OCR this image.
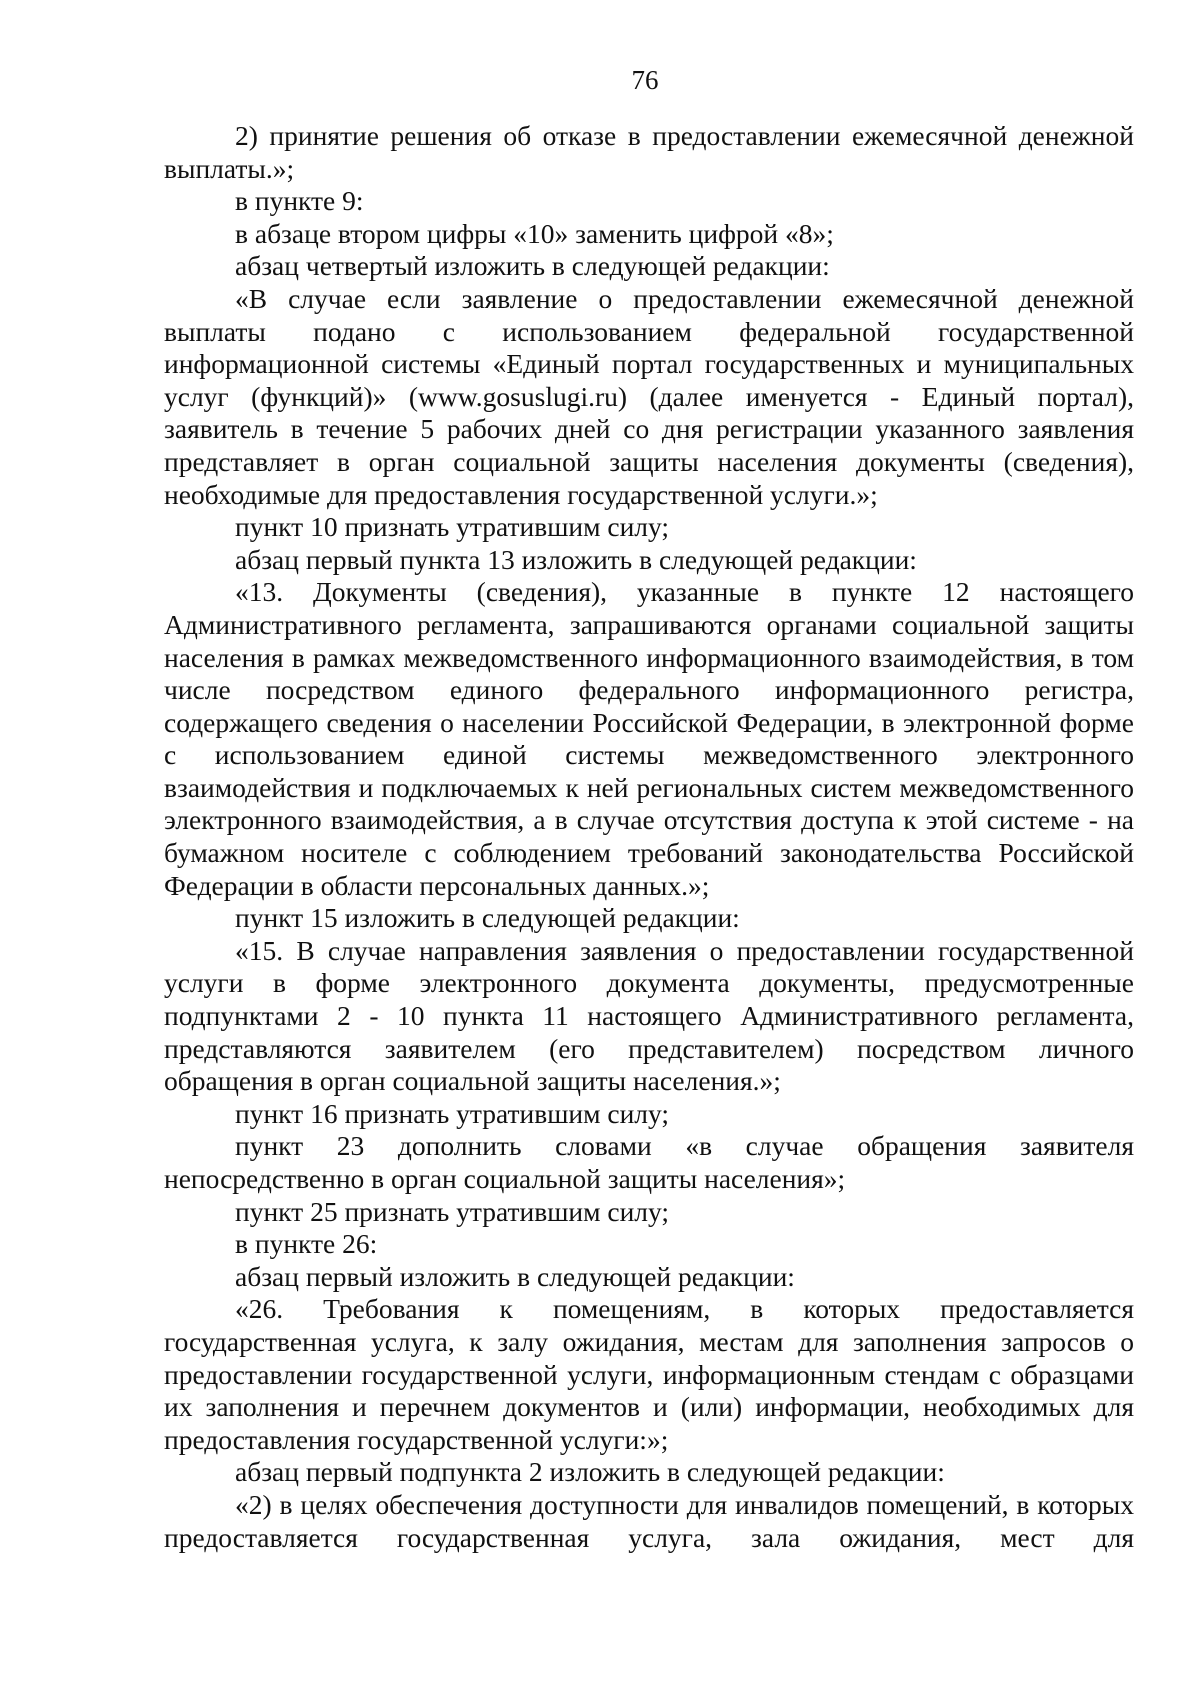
76

2) принятие решения об отказе в предоставлении ежемесячной денежной выплаты.»;

в пункте 9:

в абзаце втором цифры «10» заменить цифрой «8»;

абзац четвертый изложить в следующей редакции:

«В случае если заявление о предоставлении ежемесячной денежной выплаты подано с использованием федеральной государственной информационной системы «Единый портал государственных и муниципальных услуг (функций)» (www.gosuslugi.ru) (далее именуется - Единый портал), заявитель в течение 5 рабочих дней со дня регистрации указанного заявления представляет в орган социальной защиты населения документы (сведения), необходимые для предоставления государственной услуги.»;

пункт 10 признать утратившим силу;

абзац первый пункта 13 изложить в следующей редакции:

«13. Документы (сведения), указанные в пункте 12 настоящего Административного регламента, запрашиваются органами социальной защиты населения в рамках межведомственного информационного взаимодействия, в том числе посредством единого федерального информационного регистра, содержащего сведения о населении Российской Федерации, в электронной форме с использованием единой системы межведомственного электронного взаимодействия и подключаемых к ней региональных систем межведомственного электронного взаимодействия, а в случае отсутствия доступа к этой системе - на бумажном носителе с соблюдением требований законодательства Российской Федерации в области персональных данных.»;

пункт 15 изложить в следующей редакции:

«15. В случае направления заявления о предоставлении государственной услуги в форме электронного документа документы, предусмотренные подпунктами 2 - 10 пункта 11 настоящего Административного регламента, представляются заявителем (его представителем) посредством личного обращения в орган социальной защиты населения.»;

пункт 16 признать утратившим силу;

пункт 23 дополнить словами «в случае обращения заявителя непосредственно в орган социальной защиты населения»;

пункт 25 признать утратившим силу;

в пункте 26:

абзац первый изложить в следующей редакции:

«26. Требования к помещениям, в которых предоставляется государственная услуга, к залу ожидания, местам для заполнения запросов о предоставлении государственной услуги, информационным стендам с образцами их заполнения и перечнем документов и (или) информации, необходимых для предоставления государственной услуги:»;

абзац первый подпункта 2 изложить в следующей редакции:

«2) в целях обеспечения доступности для инвалидов помещений, в которых предоставляется государственная услуга, зала ожидания, мест для
